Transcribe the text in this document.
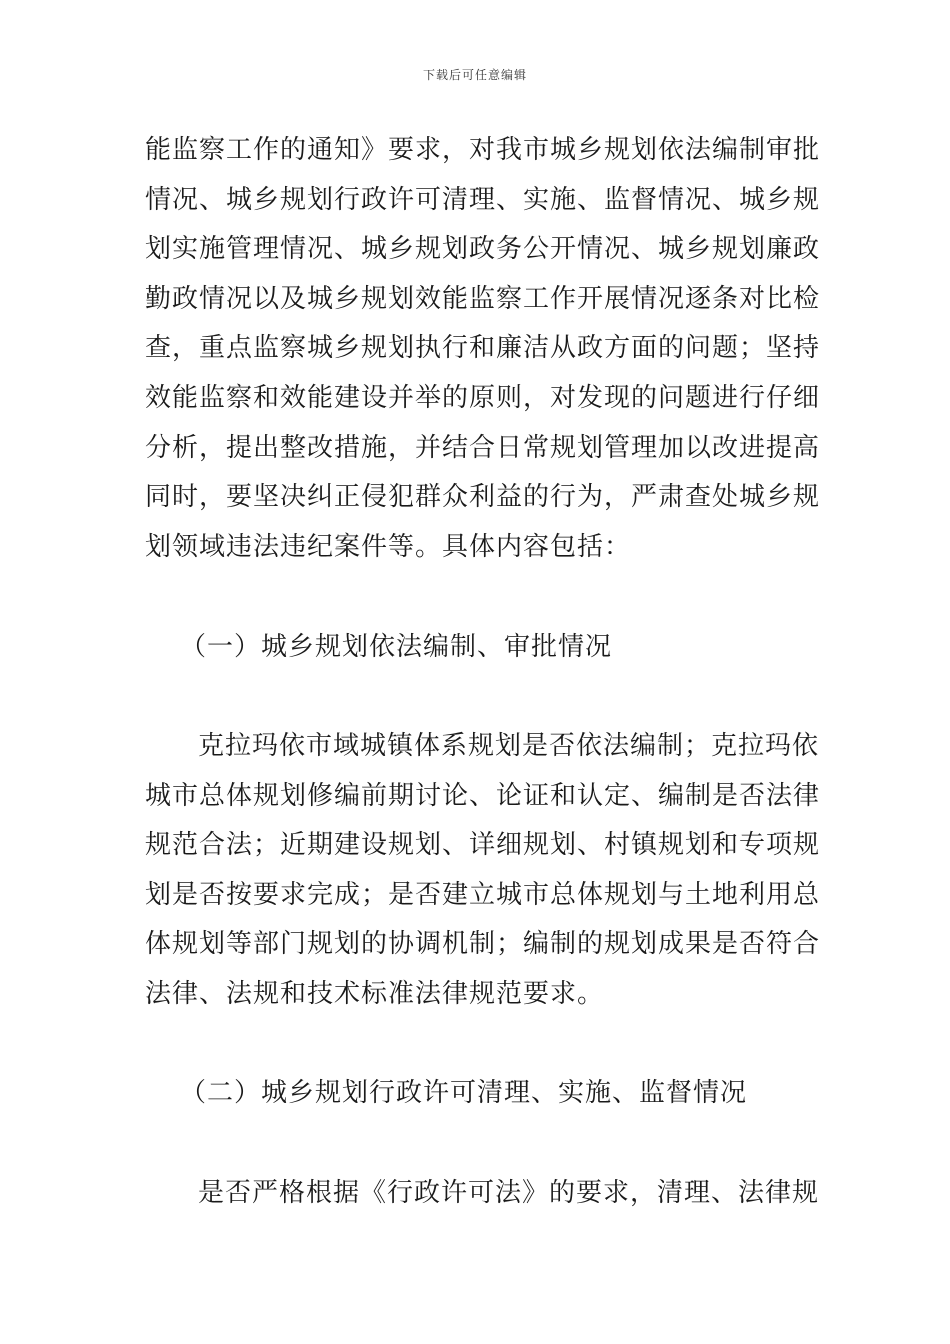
下载后可任意编辑
能监察工作的通知》要求，对我市城乡规划依法编制审批
情况、城乡规划行政许可清理、实施、监督情况、城乡规
划实施管理情况、城乡规划政务公开情况、城乡规划廉政
勤政情况以及城乡规划效能监察工作开展情况逐条对比检
查，重点监察城乡规划执行和廉洁从政方面的问题；坚持
效能监察和效能建设并举的原则，对发现的问题进行仔细
分析，提出整改措施，并结合日常规划管理加以改进提高
同时，要坚决纠正侵犯群众利益的行为，严肃查处城乡规
划领域违法违纪案件等。具体内容包括：
（一）城乡规划依法编制、审批情况
克拉玛依市域城镇体系规划是否依法编制；克拉玛依
城市总体规划修编前期讨论、论证和认定、编制是否法律
规范合法；近期建设规划、详细规划、村镇规划和专项规
划是否按要求完成；是否建立城市总体规划与土地利用总
体规划等部门规划的协调机制；编制的规划成果是否符合
法律、法规和技术标准法律规范要求。
（二）城乡规划行政许可清理、实施、监督情况
是否严格根据《行政许可法》的要求，清理、法律规
